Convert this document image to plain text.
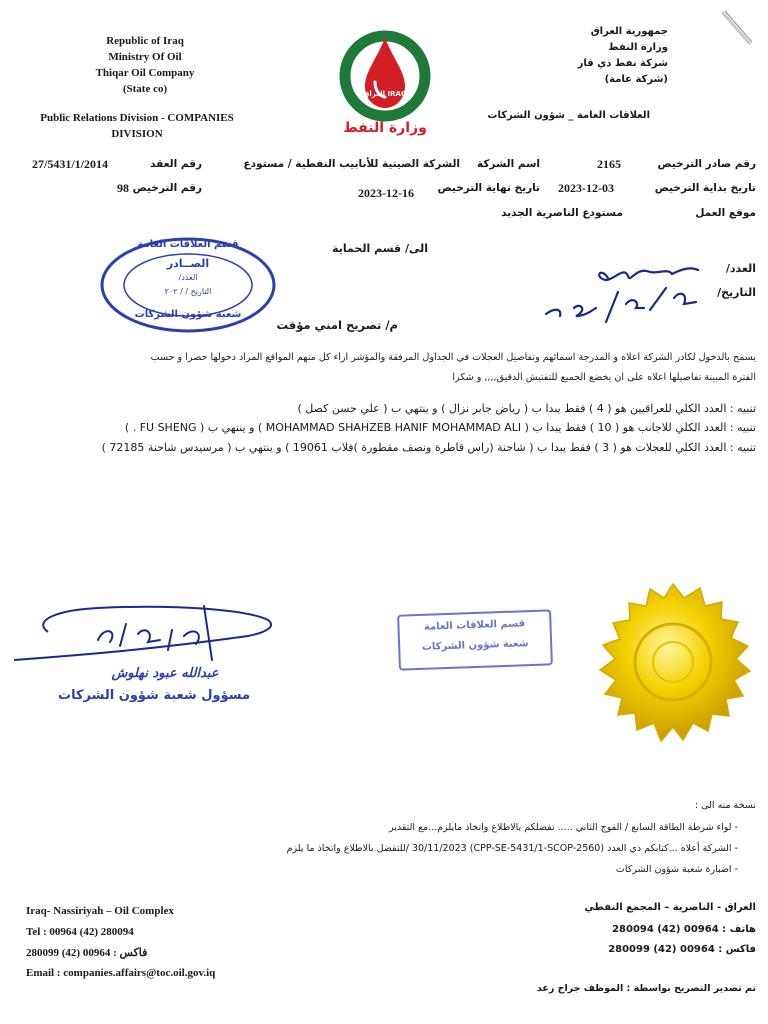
Republic of Iraq
Ministry Of Oil
Thiqar Oil Company
(State co)
Public Relations Division - COMPANIES
DIVISION
جمهورية العراق
وزارة النفط
شركة نفط ذي قار
(شركة عامة)
العلاقات العامة _ شؤون الشركات
العراق IRAQ
وزارة النفط
رقم صادر الترخيص
2165
اسم الشركة
الشركة الصينية للأنابيب النفطية / مستودع
رقم العقد
27/5431/1/2014
تاريخ بداية الترخيص
2023-12-03
تاريخ نهاية الترخيص
2023-12-16
رقم الترخيص
98
موقع العمل
مستودع الناصرية الجديد
الى/ قسم الحماية
العدد/
التاريخ/
م/ تصريح امني مؤقت
يسمح بالدخول لكادر الشركة اعلاه و المدرجة اسمائهم وتفاصيل العجلات في الجداول المرفقة والمؤشر ازاء كل منهم المواقع المراد دخولها حصرا و حسب
الفترة المبينة تفاصيلها اعلاه على ان يخضع الجميع للتفتيش الدقيق,,,, و شكرا
تنبيه : العدد الكلي للعراقيين هو ( 4 ) فقط يبدا ب ( رياض جابر نزال ) و ينتهي ب ( علي حسن كصل )
تنبيه : العدد الكلي للاجانب هو ( 10 ) فقط يبدا ب ( MOHAMMAD SHAHZEB HANIF MOHAMMAD ALI ) و ينتهي ب ( FU SHENG . )
تنبيه : العدد الكلي للعجلات هو ( 3 ) فقط يبدا ب ( شاحنة (راس قاطرة ونصف مقطورة )فلاب 19061 ) و ينتهي ب ( مرسيدس شاحنة 72185 )
قسم العلاقات العامة
الصــادر
العدد/
التاريخ / / ٢٠٢
شعبة شؤون الشركات
عبدالله عبود نهلوش
مسؤول شعبة شؤون الشركات
قسم العلاقات العامة
شعبة شؤون الشركات
نسخة منه الى :
- لواء شرطة الطاقة السابع / الفوج الثاني ..... تفضلكم بالاطلاع واتخاذ مايلزم...مع التقدير
- الشركة أعلاه ...كتابكم ذي العدد (CPP-SE-5431/1-SCOP-2560) 30/11/2023 /للتفضل بالاطلاع واتخاذ ما يلزم
- اضبارة شعبة شؤون الشركات
Iraq- Nassiriyah – Oil Complex
Tel : 00964 (42) 280094
280099 (42) 00964 : فاكس
Email : companies.affairs@toc.oil.gov.iq
العراق - الناصرية – المجمع النفطي
هاتف : 00964 (42) 280094
فاكس : 00964 (42) 280099
تم تصدير التصريح بواسطة : الموظف جراح رعد
